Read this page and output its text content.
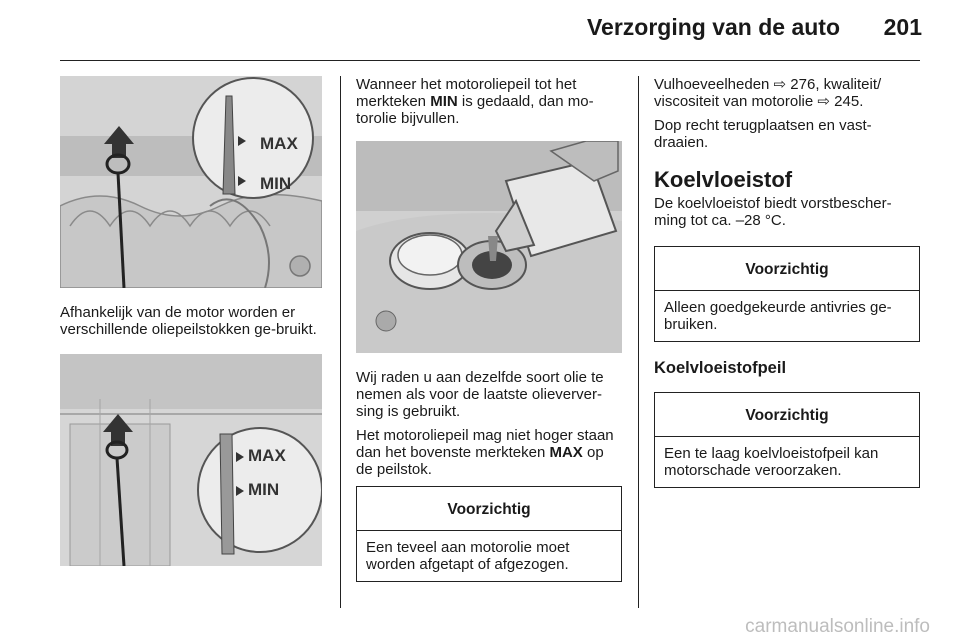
Verzorging van de auto 201
MAX
MIN

Afhankelijk van de motor worden er verschillende oliepeilstokken ge-bruikt.

MAX
MIN

Wanneer het motoroliepeil tot het merkteken MIN is gedaald, dan mo-torolie bijvullen.

Wij raden u aan dezelfde soort olie te nemen als voor de laatste olieverver-sing is gebruikt.

Het motoroliepeil mag niet hoger staan dan het bovenste merkteken MAX op de peilstok.

Voorzichtig
Een teveel aan motorolie moet worden afgetapt of afgezogen.

Vulhoeveelheden ⇨ 276, kwaliteit/ viscositeit van motorolie ⇨ 245.

Dop recht terugplaatsen en vast-draaien.

Koelvloeistof

De koelvloeistof biedt vorstbescher-ming tot ca. –28 °C.

Voorzichtig
Alleen goedgekeurde antivries ge-bruiken.
Koelvloeistofpeil
Voorzichtig
Een te laag koelvloeistofpeil kan motorschade veroorzaken.
carmanualsonline.info
